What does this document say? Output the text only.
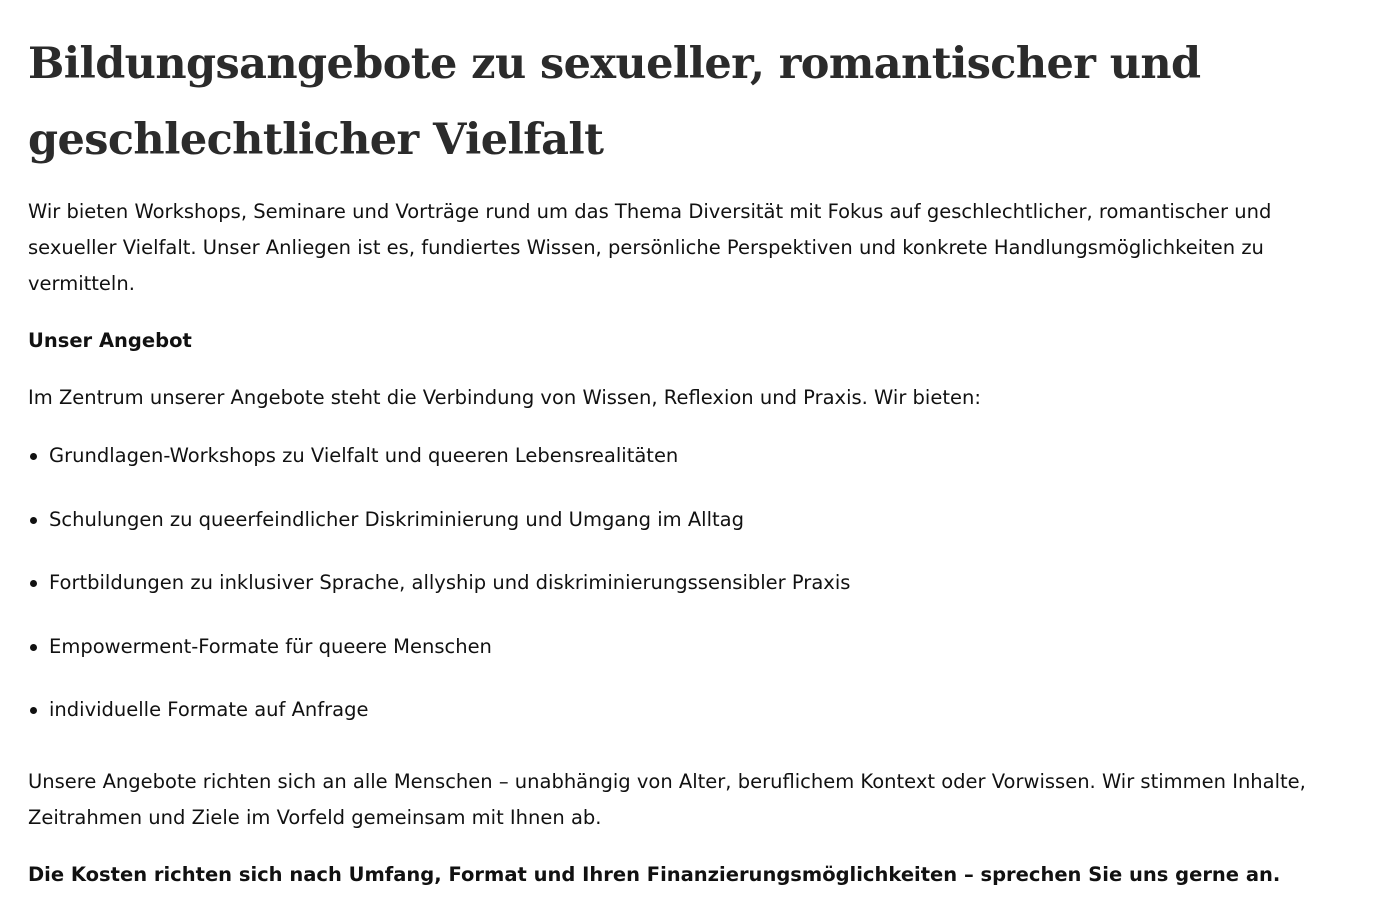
Bildungsangebote zu sexueller, romantischer und geschlechtlicher Vielfalt

Wir bieten Workshops, Seminare und Vorträge rund um das Thema Diversität mit Fokus auf geschlechtlicher, romantischer und sexueller Vielfalt. Unser Anliegen ist es, fundiertes Wissen, persönliche Perspektiven und konkrete Handlungsmöglichkeiten zu vermitteln.

Unser Angebot

Im Zentrum unserer Angebote steht die Verbindung von Wissen, Reflexion und Praxis. Wir bieten:

Grundlagen-Workshops zu Vielfalt und queeren Lebensrealitäten
Schulungen zu queerfeindlicher Diskriminierung und Umgang im Alltag
Fortbildungen zu inklusiver Sprache, allyship und diskriminierungssensibler Praxis
Empowerment-Formate für queere Menschen
individuelle Formate auf Anfrage

Unsere Angebote richten sich an alle Menschen – unabhängig von Alter, beruflichem Kontext oder Vorwissen. Wir stimmen Inhalte, Zeitrahmen und Ziele im Vorfeld gemeinsam mit Ihnen ab.

Die Kosten richten sich nach Umfang, Format und Ihren Finanzierungsmöglichkeiten – sprechen Sie uns gerne an.
